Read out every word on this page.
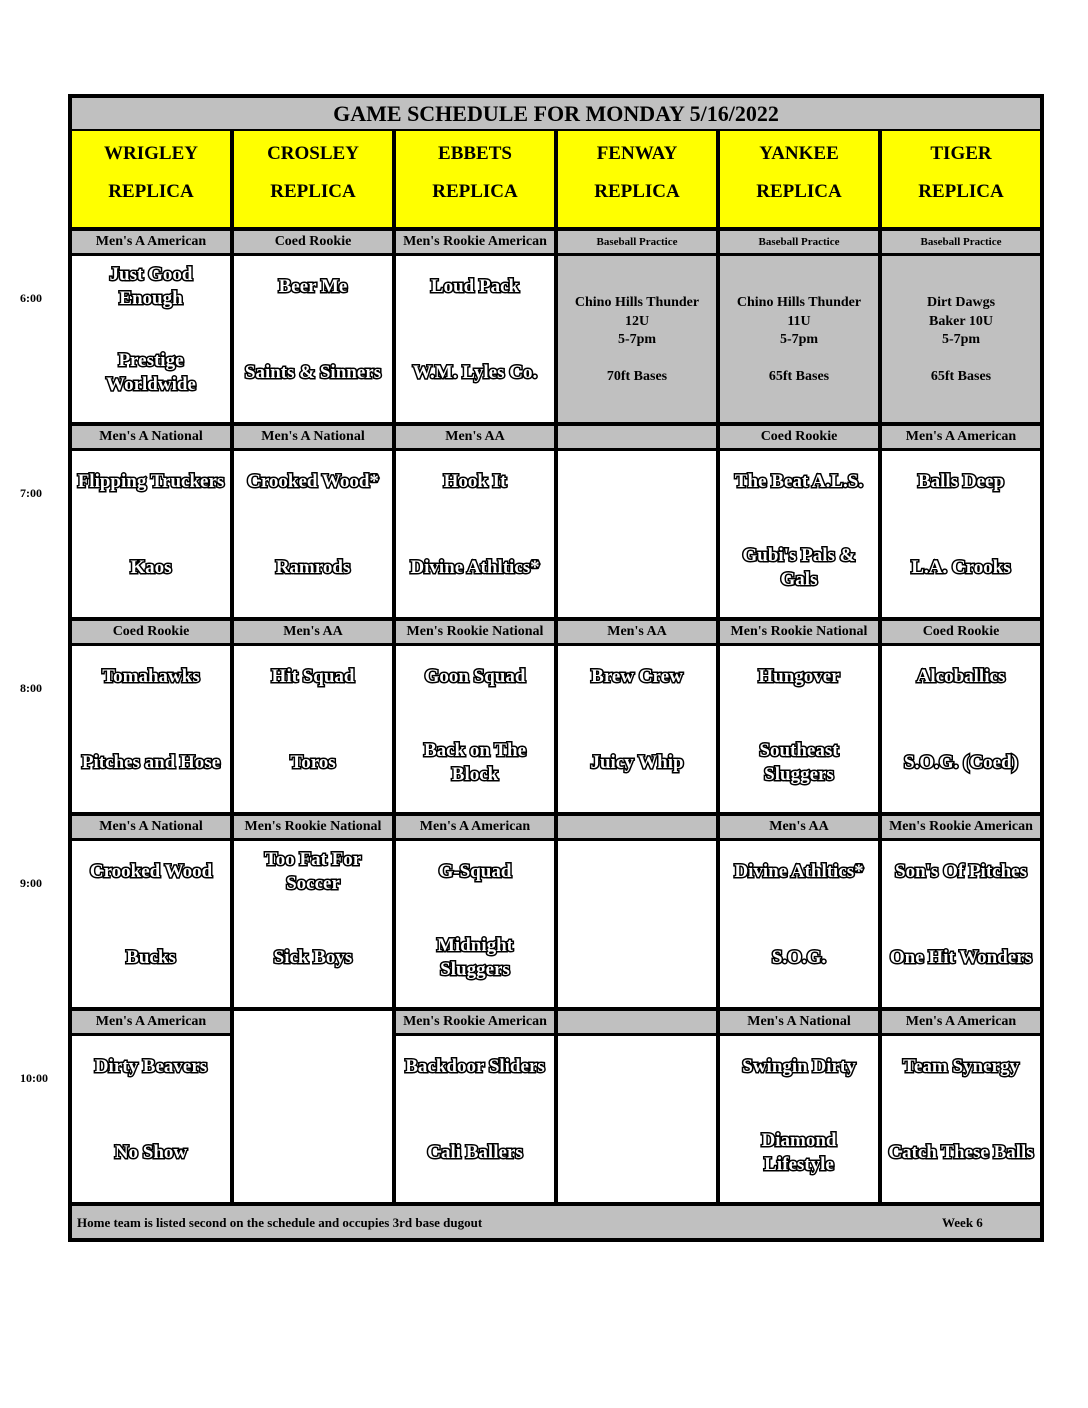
GAME SCHEDULE FOR MONDAY 5/16/2022
WRIGLEY
REPLICA
CROSLEY
REPLICA
EBBETS
REPLICA
FENWAY
REPLICA
YANKEE
REPLICA
TIGER
REPLICA
Men's A American
Just Good
Enough
Prestige
Worldwide
Coed Rookie
Beer Me
Saints & Sinners
Men's Rookie American
Loud Pack
W.M. Lyles Co.
Baseball Practice
Chino Hills Thunder
12U
5-7pm
70ft Bases
Baseball Practice
Chino Hills Thunder
11U
5-7pm
65ft Bases
Baseball Practice
Dirt Dawgs
Baker 10U
5-7pm
65ft Bases
Men's A National
Flipping Truckers
Kaos
Men's A National
Crooked Wood*
Ramrods
Men's AA
Hook It
Divine Athltics*
Coed Rookie
The Beat A.L.S.
Gubi's Pals &
Gals
Men's A American
Balls Deep
L.A. Crooks
Coed Rookie
Tomahawks
Pitches and Hose
Men's AA
Hit Squad
Toros
Men's Rookie National
Goon Squad
Back on The
Block
Men's AA
Brew Crew
Juicy Whip
Men's Rookie National
Hungover
Southeast
Sluggers
Coed Rookie
Alcoballics
S.O.G. (Coed)
Men's A National
Crooked Wood
Bucks
Men's Rookie National
Too Fat For
Soccer
Sick Boys
Men's A American
G-Squad
Midnight
Sluggers
Men's AA
Divine Athltics*
S.O.G.
Men's Rookie American
Son's Of Pitches
One Hit Wonders
Men's A American
Dirty Beavers
No Show
Men's Rookie American
Backdoor Sliders
Cali Ballers
Men's A National
Swingin Dirty
Diamond
Lifestyle
Men's A American
Team Synergy
Catch These Balls
Home team is listed second on the schedule and occupies 3rd base dugout	Week 6
6:00
7:00
8:00
9:00
10:00
